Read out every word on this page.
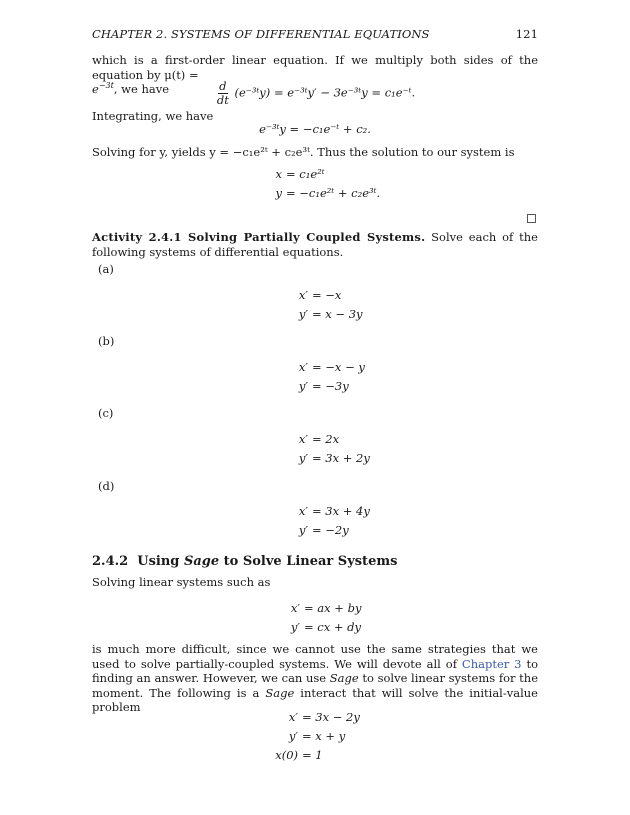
CHAPTER 2. SYSTEMS OF DIFFERENTIAL EQUATIONS	121

which is a first-order linear equation. If we multiply both sides of the equation by μ(t) =

$e^{-3t}$, we have	$\frac{d}{dt}$ (e⁻³ᵗy) = e⁻³ᵗy′ − 3e⁻³ᵗy = c₁e⁻ᵗ.

Integrating, we have

e⁻³ᵗy = −c₁e⁻ᵗ + c₂.

Solving for y, yields y = −c₁e²ᵗ + c₂e³ᵗ. Thus the solution to our system is

x = c₁e²ᵗ
y = −c₁e²ᵗ + c₂e³ᵗ.

Activity 2.4.1 Solving Partially Coupled Systems. Solve each of the following systems of differential equations.

(a)
x′ = −x
y′ = x − 3y
(b)
x′ = −x − y
y′ = −3y
(c)
x′ = 2x
y′ = 3x + 2y
(d)
x′ = 3x + 4y
y′ = −2y
2.4.2 Using Sage to Solve Linear Systems

Solving linear systems such as

x′ = ax + by
y′ = cx + dy

is much more difficult, since we cannot use the same strategies that we used to solve partially-coupled systems. We will devote all of Chapter 3 to finding an answer. However, we can use Sage to solve linear systems for the moment. The following is a Sage interact that will solve the initial-value problem

x′ = 3x − 2y
y′ = x + y
x(0) = 1
